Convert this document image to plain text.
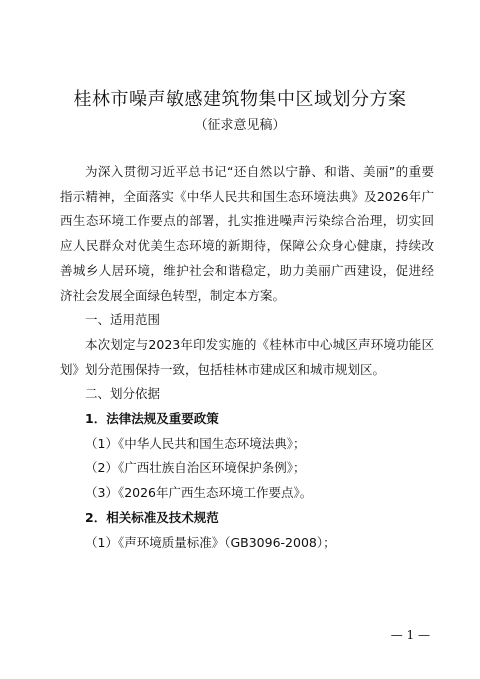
桂林市噪声敏感建筑物集中区域划分方案
（征求意见稿）

为深入贯彻习近平总书记“还自然以宁静、和谐、美丽”的重要指示精神，全面落实《中华人民共和国生态环境法典》及2026年广西生态环境工作要点的部署，扎实推进噪声污染综合治理，切实回应人民群众对优美生态环境的新期待，保障公众身心健康，持续改善城乡人居环境，维护社会和谐稳定，助力美丽广西建设，促进经济社会发展全面绿色转型，制定本方案。

一、适用范围

本次划定与2023年印发实施的《桂林市中心城区声环境功能区划》划分范围保持一致，包括桂林市建成区和城市规划区。

二、划分依据

1．法律法规及重要政策

（1）《中华人民共和国生态环境法典》；

（2）《广西壮族自治区环境保护条例》；

（3）《2026年广西生态环境工作要点》。

2．相关标准及技术规范

（1）《声环境质量标准》（GB3096-2008）；

— 1 —
